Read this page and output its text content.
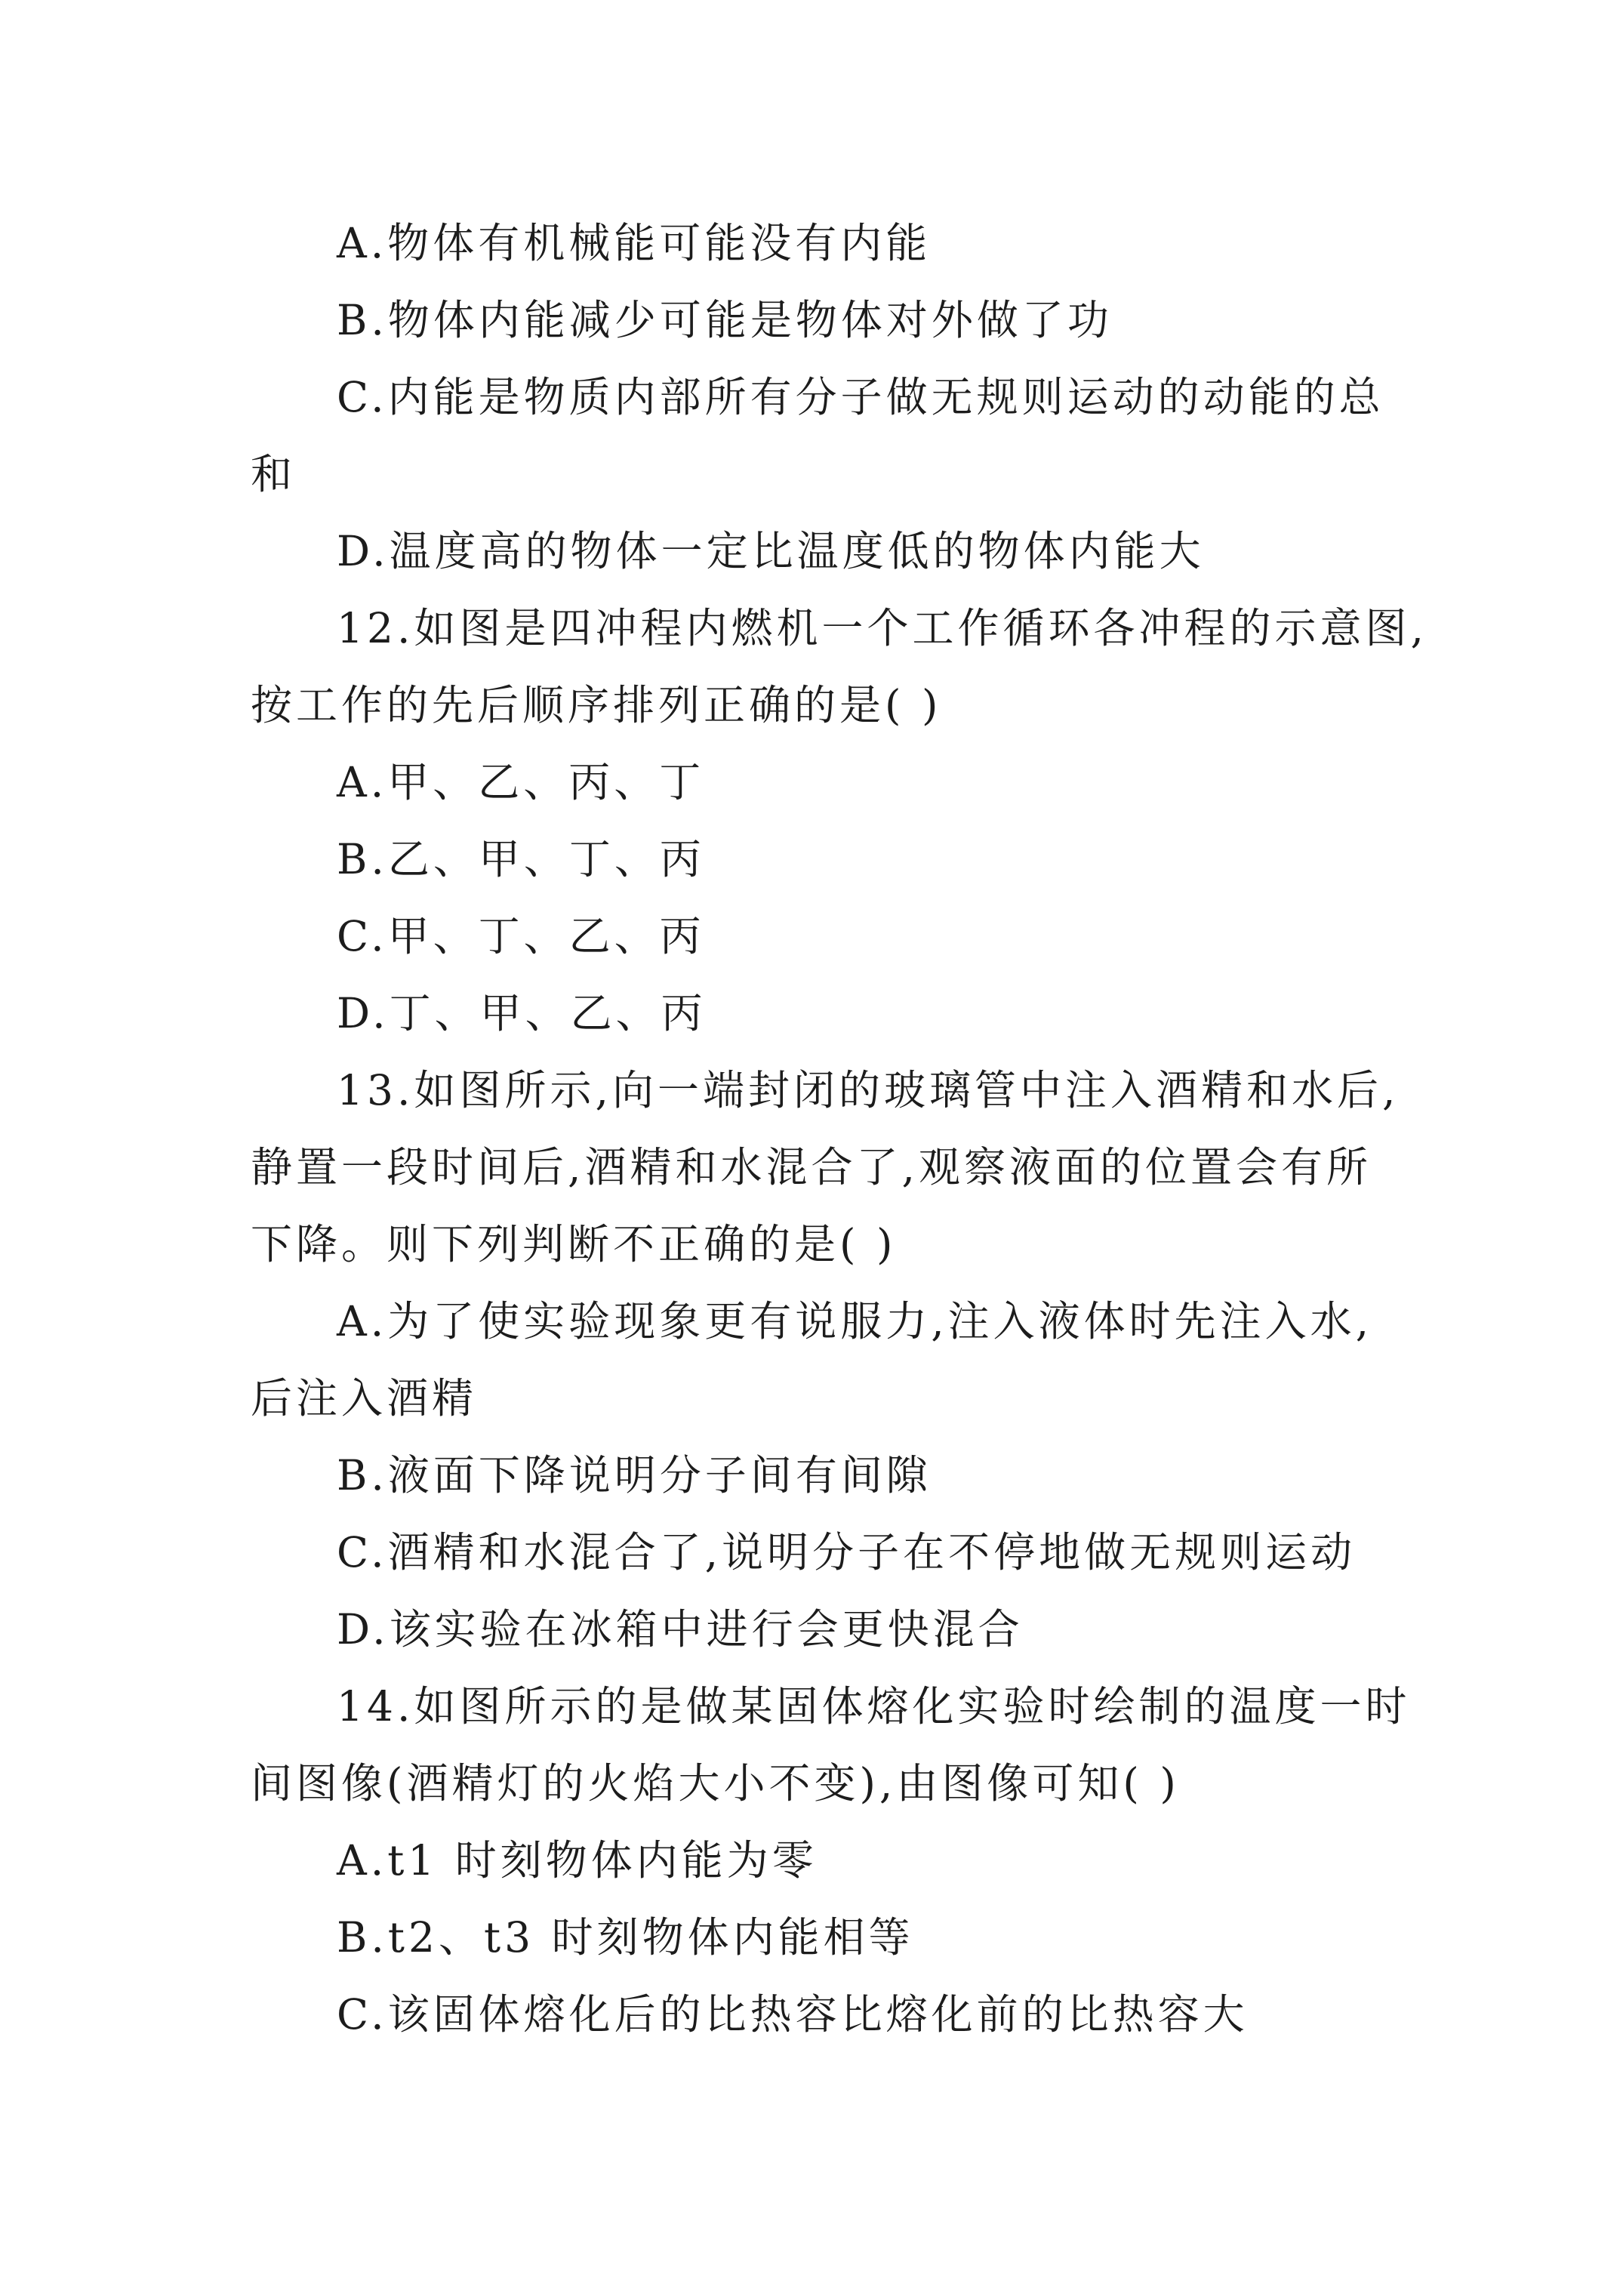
A.物体有机械能可能没有内能
B.物体内能减少可能是物体对外做了功
C.内能是物质内部所有分子做无规则运动的动能的总
和
D.温度高的物体一定比温度低的物体内能大
12.如图是四冲程内燃机一个工作循环各冲程的示意图,
按工作的先后顺序排列正确的是( )
A.甲、乙、丙、丁
B.乙、甲、丁、丙
C.甲、丁、乙、丙
D.丁、甲、乙、丙
13.如图所示,向一端封闭的玻璃管中注入酒精和水后,
静置一段时间后,酒精和水混合了,观察液面的位置会有所
下降。则下列判断不正确的是( )
A.为了使实验现象更有说服力,注入液体时先注入水,
后注入酒精
B.液面下降说明分子间有间隙
C.酒精和水混合了,说明分子在不停地做无规则运动
D.该实验在冰箱中进行会更快混合
14.如图所示的是做某固体熔化实验时绘制的温度一时
间图像(酒精灯的火焰大小不变),由图像可知( )
A.t1 时刻物体内能为零
B.t2、t3 时刻物体内能相等
C.该固体熔化后的比热容比熔化前的比热容大
